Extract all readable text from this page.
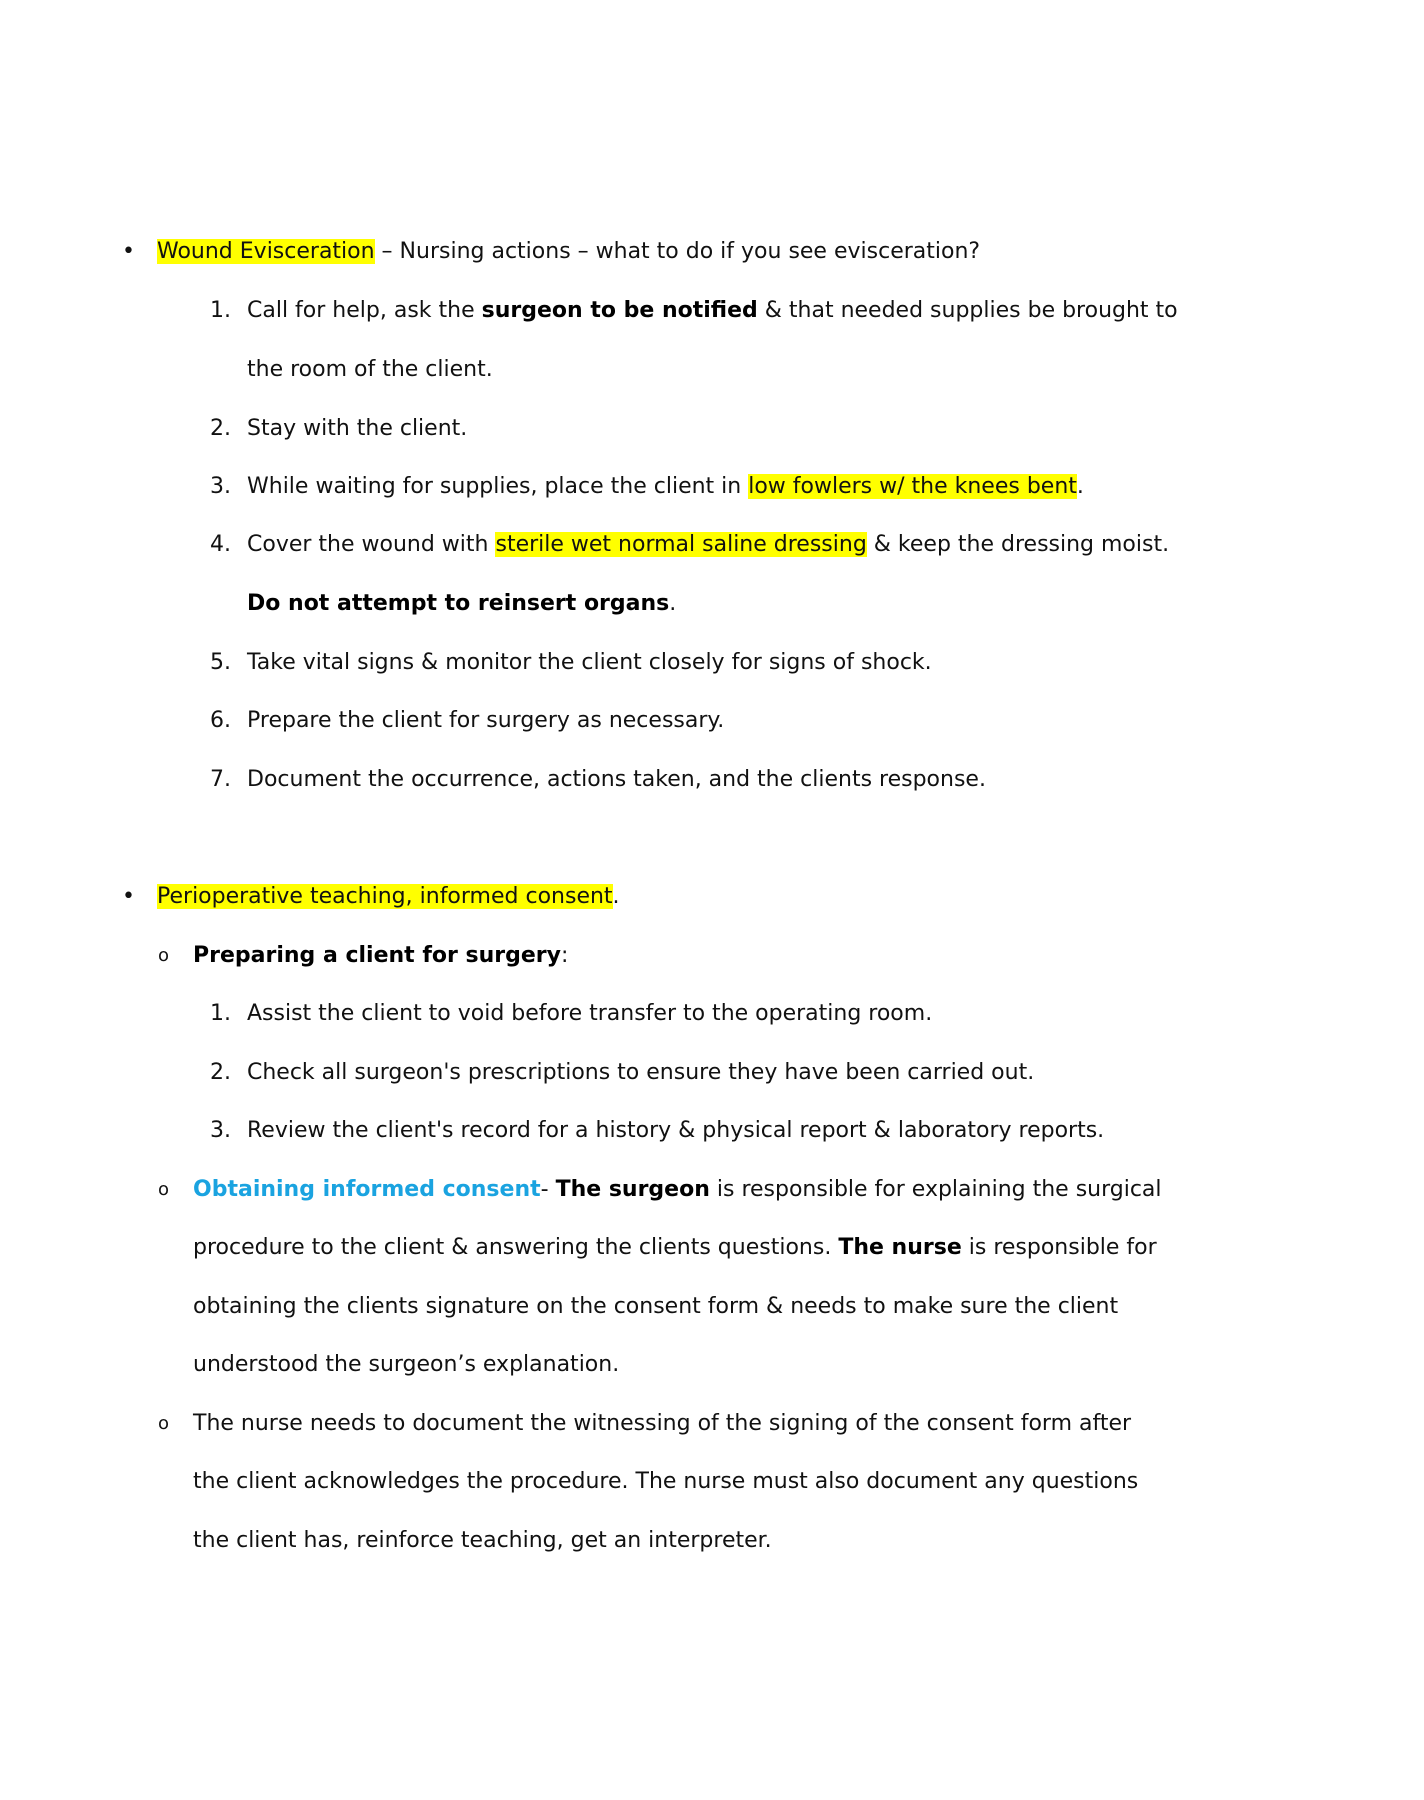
• Wound Evisceration – Nursing actions – what to do if you see evisceration?
1. Call for help, ask the surgeon to be notified & that needed supplies be brought to
the room of the client.
2. Stay with the client.
3. While waiting for supplies, place the client in low fowlers w/ the knees bent.
4. Cover the wound with sterile wet normal saline dressing & keep the dressing moist.
Do not attempt to reinsert organs.
5. Take vital signs & monitor the client closely for signs of shock.
6. Prepare the client for surgery as necessary.
7. Document the occurrence, actions taken, and the clients response.
• Perioperative teaching, informed consent.
o Preparing a client for surgery:
1. Assist the client to void before transfer to the operating room.
2. Check all surgeon's prescriptions to ensure they have been carried out.
3. Review the client's record for a history & physical report & laboratory reports.
o Obtaining informed consent- The surgeon is responsible for explaining the surgical
procedure to the client & answering the clients questions. The nurse is responsible for
obtaining the clients signature on the consent form & needs to make sure the client
understood the surgeon’s explanation.
o The nurse needs to document the witnessing of the signing of the consent form after
the client acknowledges the procedure. The nurse must also document any questions
the client has, reinforce teaching, get an interpreter.
